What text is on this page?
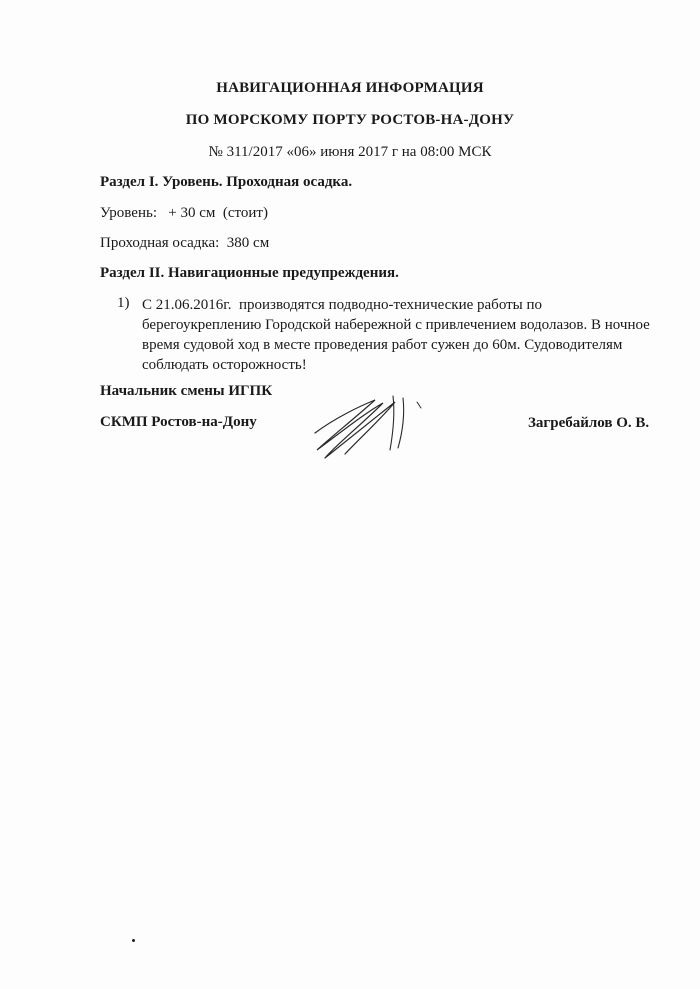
НАВИГАЦИОННАЯ ИНФОРМАЦИЯ
ПО МОРСКОМУ ПОРТУ РОСТОВ-НА-ДОНУ
№ 311/2017 «06» июня 2017 г на 08:00 МСК
Раздел I. Уровень. Проходная осадка.
Уровень:   + 30 см  (стоит)
Проходная осадка:  380 см
Раздел II. Навигационные предупреждения.
1) С 21.06.2016г.  производятся подводно-технические работы по берегоукреплению Городской набережной с привлечением водолазов. В ночное время судовой ход в месте проведения работ сужен до 60м. Судоводителям соблюдать осторожность!
Начальник смены ИГПК
СКМП Ростов-на-Дону	Загребайлов О. В.
